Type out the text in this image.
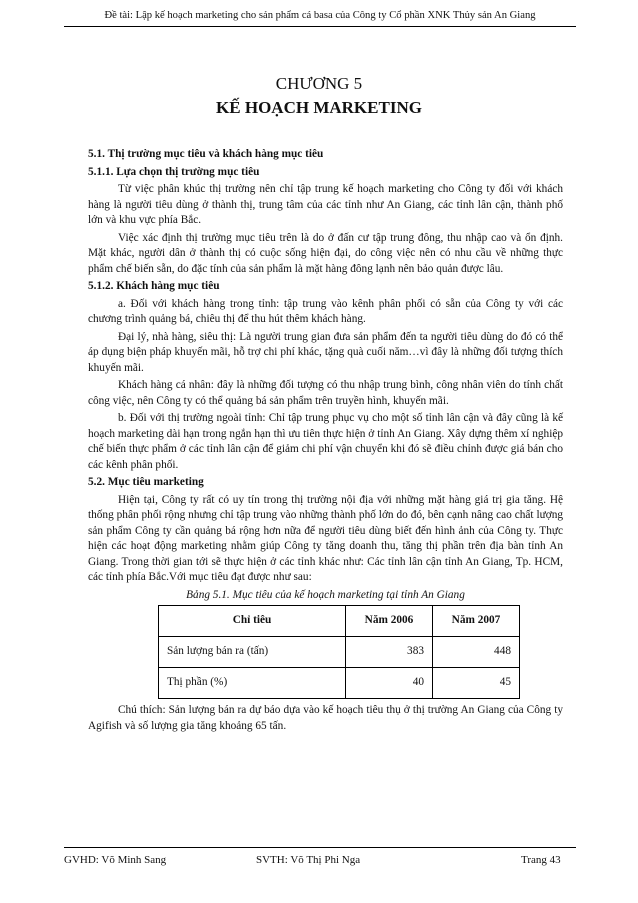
Đề tài: Lập kế hoạch marketing cho sản phẩm cá basa của Công ty Cổ phần XNK Thủy sản An Giang
CHƯƠNG 5
KẾ HOẠCH MARKETING

5.1. Thị trường mục tiêu và khách hàng mục tiêu

5.1.1. Lựa chọn thị trường mục tiêu

Từ việc phân khúc thị trường nên chỉ tập trung kế hoạch marketing cho Công ty đối với khách hàng là người tiêu dùng ở thành thị, trung tâm của các tỉnh như An Giang, các tỉnh lân cận, thành phố lớn và khu vực phía Bắc.

Việc xác định thị trường mục tiêu trên là do ở đấn cư tập trung đông, thu nhập cao và ổn định. Mặt khác, người dân ở thành thị có cuộc sống hiện đại, do công việc nên có nhu cầu về những thực phẩm chế biến sẵn, do đặc tính của sản phẩm là mặt hàng đông lạnh nên bảo quản được lâu.

5.1.2. Khách hàng mục tiêu

a. Đối với khách hàng trong tỉnh: tập trung vào kênh phân phối có sẵn của Công ty với các chương trình quảng bá, chiêu thị để thu hút thêm khách hàng.

Đại lý, nhà hàng, siêu thị: Là người trung gian đưa sản phẩm đến ta người tiêu dùng do đó có thể áp dụng biện pháp khuyến mãi, hỗ trợ chi phí khác, tặng quà cuối năm…vì đây là những đối tượng thích khuyến mãi.

Khách hàng cá nhân: đây là những đối tượng có thu nhập trung bình, công nhân viên do tính chất công việc, nên Công ty có thể quảng bá sản phẩm trên truyền hình, khuyến mãi.

b. Đối với thị trường ngoài tỉnh: Chỉ tập trung phục vụ cho một số tỉnh lân cận và đây cũng là kế hoạch marketing dài hạn trong ngắn hạn thì ưu tiên thực hiện ở tỉnh An Giang. Xây dựng thêm xí nghiệp chế biến thực phẩm ở các tỉnh lân cận để giảm chi phí vận chuyển khi đó sẽ điều chỉnh được giá bán cho các kênh phân phối.

5.2. Mục tiêu marketing

Hiện tại, Công ty rất có uy tín trong thị trường nội địa với những mặt hàng giá trị gia tăng. Hệ thống phân phối rộng nhưng chỉ tập trung vào những thành phố lớn do đó, bên cạnh nâng cao chất lượng sản phẩm Công ty cần quảng bá rộng hơn nữa để người tiêu dùng biết đến hình ảnh của Công ty. Thực hiện các hoạt động marketing nhằm giúp Công ty tăng doanh thu, tăng thị phần trên địa bàn tỉnh An Giang. Trong thời gian tới sẽ thực hiện ở các tỉnh khác như: Các tỉnh lân cận tỉnh An Giang, Tp. HCM, các tỉnh phía Bắc.Với mục tiêu đạt được như sau:

Bảng 5.1. Mục tiêu của kế hoạch marketing tại tỉnh An Giang

Chỉ tiêu	Năm 2006	Năm 2007
Sản lượng bán ra (tấn)	383	448
Thị phần (%)	40	45

Chú thích: Sản lượng bán ra dự báo dựa vào kế hoạch tiêu thụ ở thị trường An Giang của Công ty Agifish và số lượng gia tăng khoảng 65 tấn.

GVHD: Võ Minh Sang	SVTH: Võ Thị Phi Nga	Trang 43
